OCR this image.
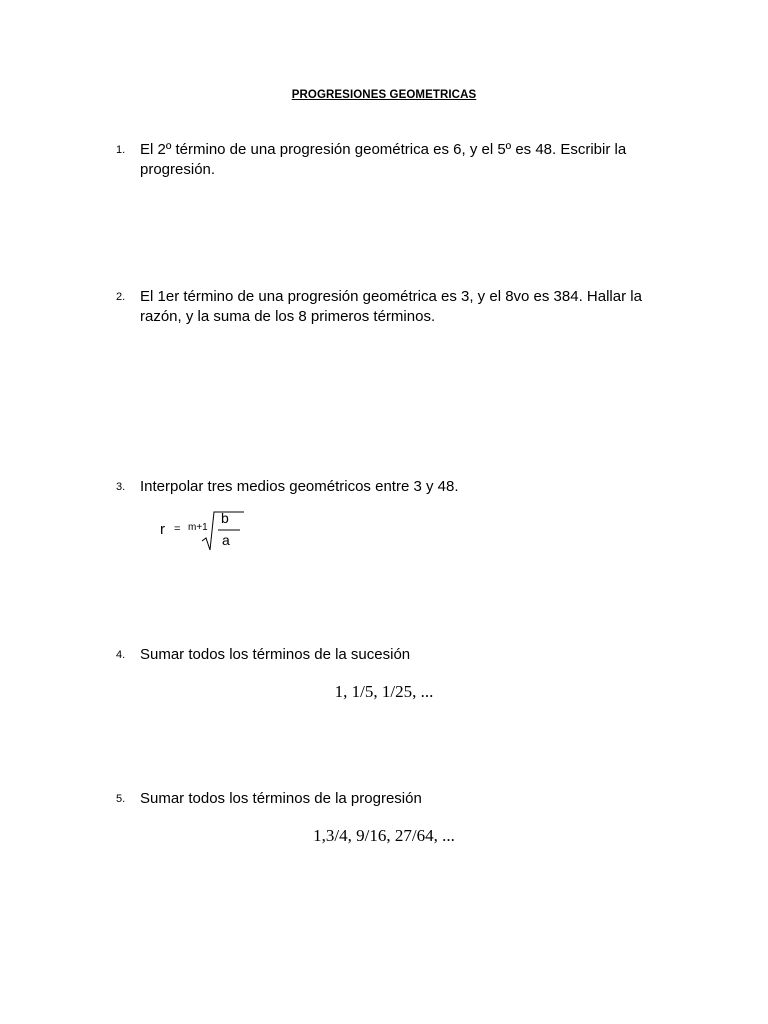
PROGRESIONES GEOMETRICAS
1. El 2º término de una progresión geométrica es 6, y el 5º es 48. Escribir la progresión.
2. El 1er término de una progresión geométrica es 3, y el 8vo es 384. Hallar la razón, y la suma de los 8 primeros términos.
3. Interpolar tres medios geométricos entre 3 y 48.
r = m+1
b
a
4. Sumar todos los términos de la sucesión
1, 1/5, 1/25, ...
5. Sumar todos los términos de la progresión
1,3/4, 9/16, 27/64, ...
